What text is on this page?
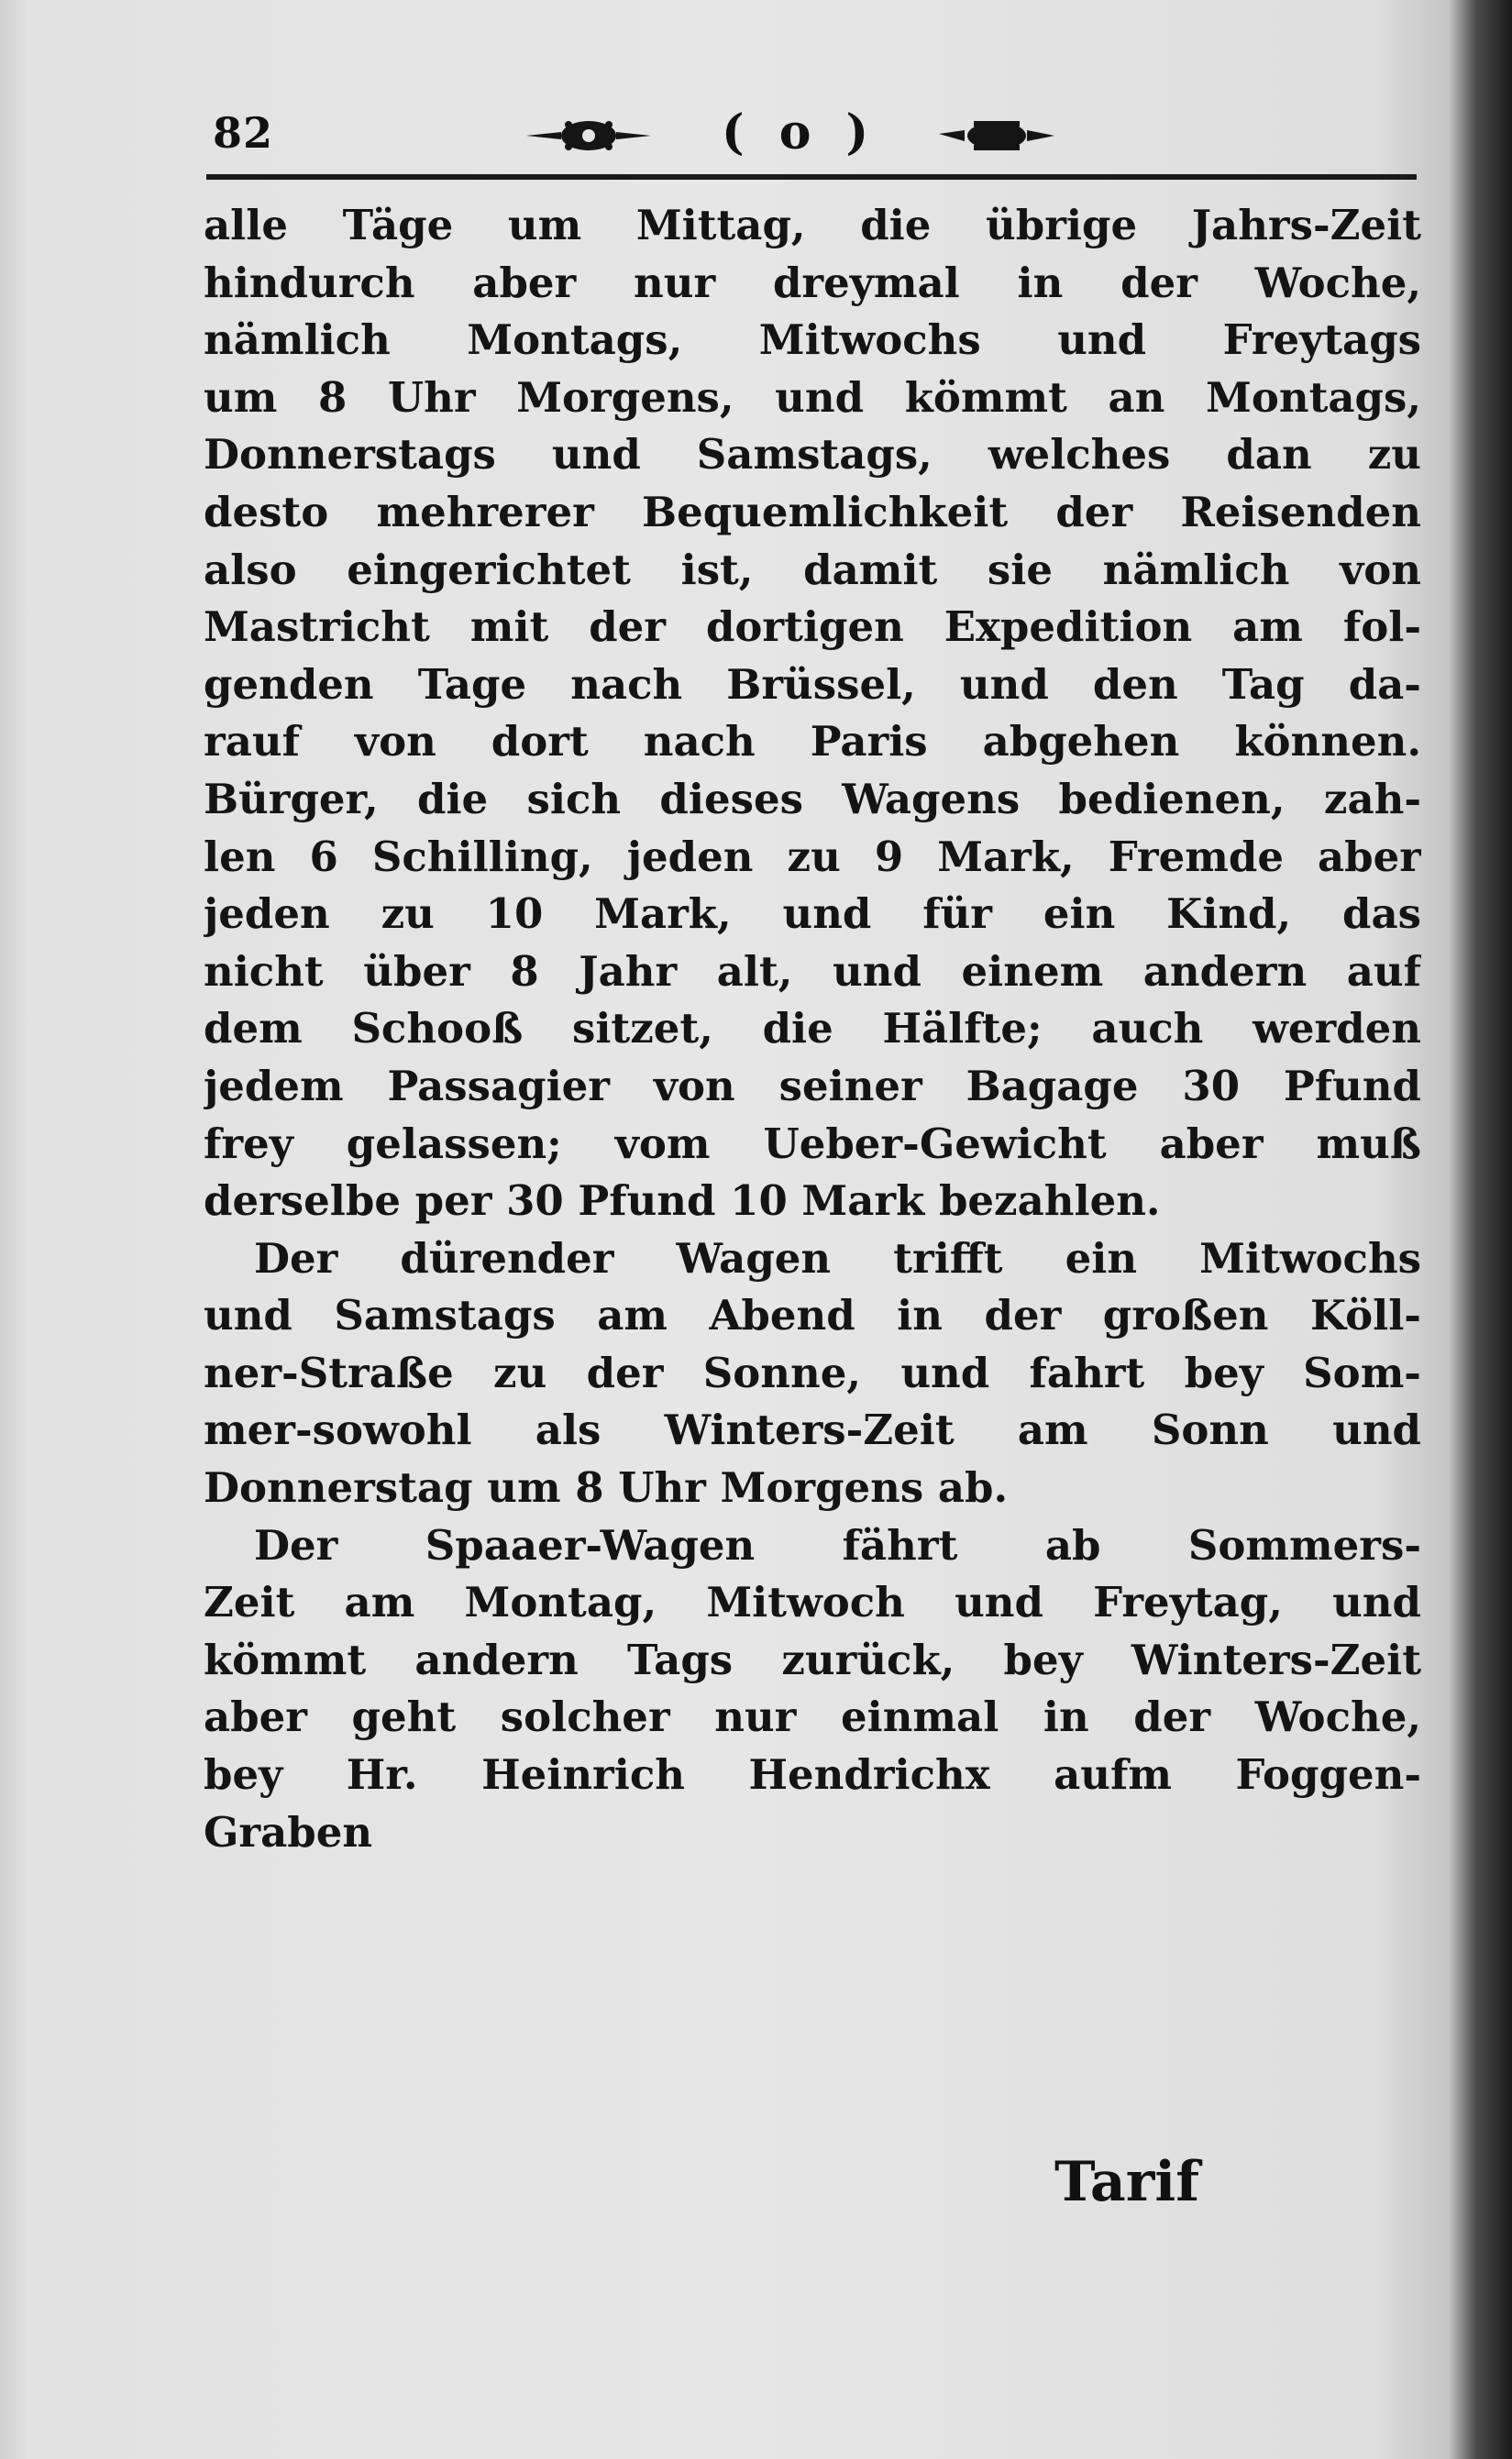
82	( o )
alle Täge um Mittag, die übrige Jahrs-Zeit
hindurch aber nur dreymal in der Woche,
nämlich Montags, Mitwochs und Freytags
um 8 Uhr Morgens, und kömmt an Montags,
Donnerstags und Samstags, welches dan zu
desto mehrerer Bequemlichkeit der Reisenden
also eingerichtet ist, damit sie nämlich von
Mastricht mit der dortigen Expedition am fol-
genden Tage nach Brüssel, und den Tag da-
rauf von dort nach Paris abgehen können.
Bürger, die sich dieses Wagens bedienen, zah-
len 6 Schilling, jeden zu 9 Mark, Fremde aber
jeden zu 10 Mark, und für ein Kind, das
nicht über 8 Jahr alt, und einem andern auf
dem Schooß sitzet, die Hälfte; auch werden
jedem Passagier von seiner Bagage 30 Pfund
frey gelassen; vom Ueber-Gewicht aber muß
derselbe per 30 Pfund 10 Mark bezahlen.
Der dürender Wagen trifft ein Mitwochs
und Samstags am Abend in der großen Köll-
ner-Straße zu der Sonne, und fahrt bey Som-
mer-sowohl als Winters-Zeit am Sonn und
Donnerstag um 8 Uhr Morgens ab.
Der Spaaer-Wagen fährt ab Sommers-
Zeit am Montag, Mitwoch und Freytag, und
kömmt andern Tags zurück, bey Winters-Zeit
aber geht solcher nur einmal in der Woche,
bey Hr. Heinrich Hendrichx aufm Foggen-
Graben
Tarif
